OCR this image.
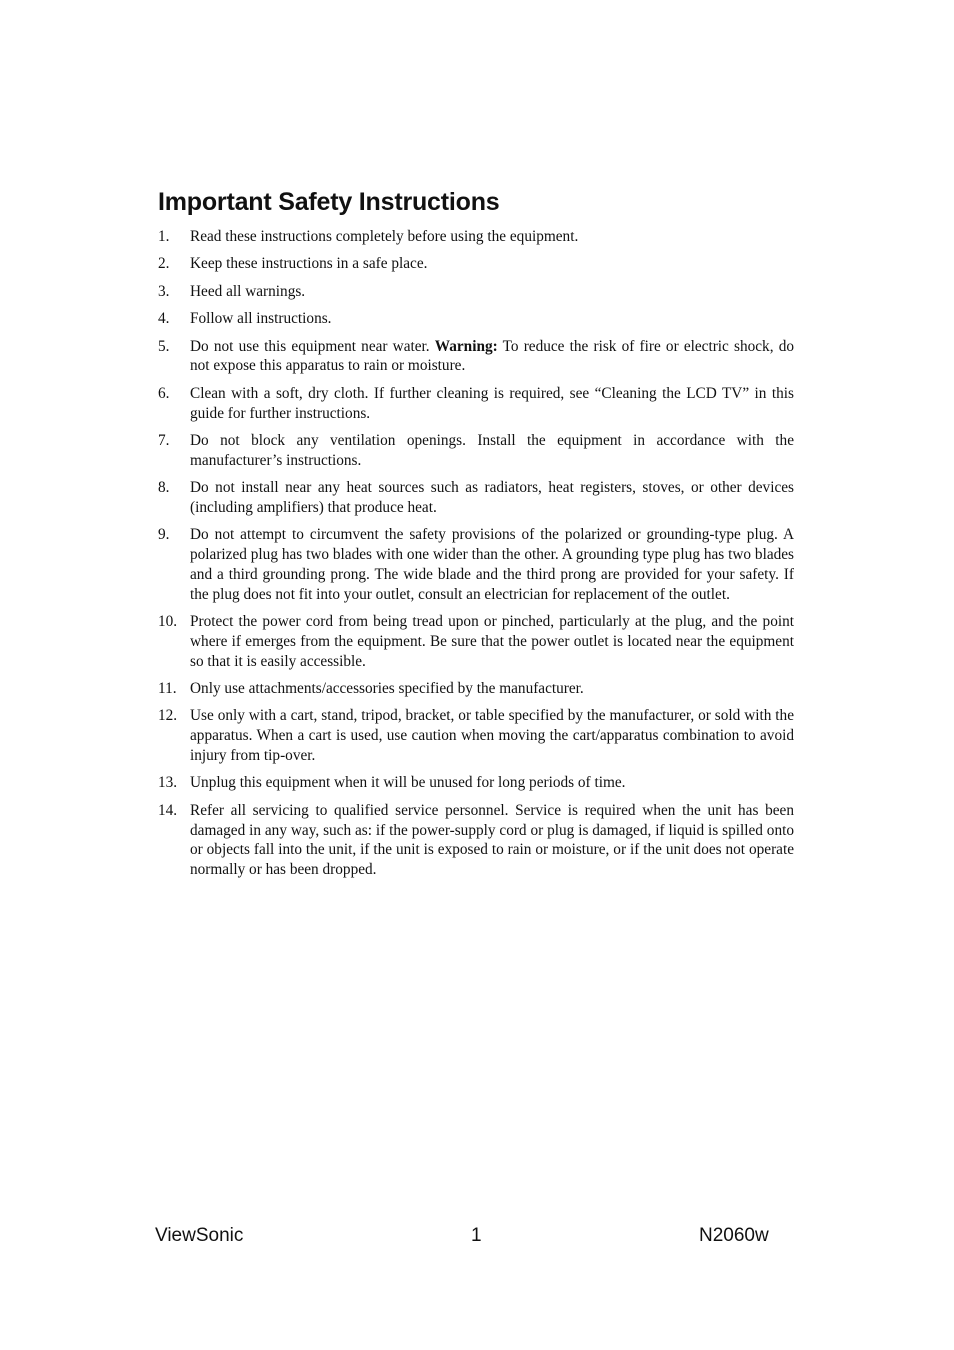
Important Safety Instructions
1. Read these instructions completely before using the equipment.
2. Keep these instructions in a safe place.
3. Heed all warnings.
4. Follow all instructions.
5. Do not use this equipment near water. Warning: To reduce the risk of fire or electric shock, do not expose this apparatus to rain or moisture.
6. Clean with a soft, dry cloth. If further cleaning is required, see “Cleaning the LCD TV” in this guide for further instructions.
7. Do not block any ventilation openings. Install the equipment in accordance with the manufacturer’s instructions.
8. Do not install near any heat sources such as radiators, heat registers, stoves, or other devices (including amplifiers) that produce heat.
9. Do not attempt to circumvent the safety provisions of the polarized or grounding-type plug. A polarized plug has two blades with one wider than the other. A grounding type plug has two blades and a third grounding prong. The wide blade and the third prong are provided for your safety. If the plug does not fit into your outlet, consult an electrician for replacement of the outlet.
10. Protect the power cord from being tread upon or pinched, particularly at the plug, and the point where if emerges from the equipment. Be sure that the power outlet is located near the equipment so that it is easily accessible.
11. Only use attachments/accessories specified by the manufacturer.
12. Use only with a cart, stand, tripod, bracket, or table specified by the manufacturer, or sold with the apparatus. When a cart is used, use caution when moving the cart/apparatus combination to avoid injury from tip-over.
13. Unplug this equipment when it will be unused for long periods of time.
14. Refer all servicing to qualified service personnel. Service is required when the unit has been damaged in any way, such as: if the power-supply cord or plug is damaged, if liquid is spilled onto or objects fall into the unit, if the unit is exposed to rain or moisture, or if the unit does not operate normally or has been dropped.
ViewSonic	1	N2060w
